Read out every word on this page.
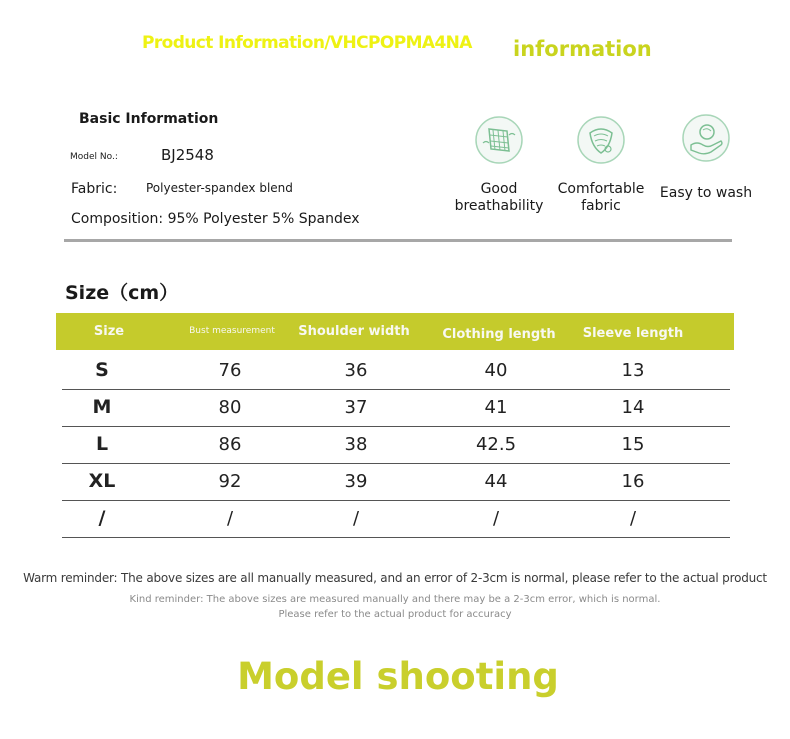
Product Information/VHCPOPMA4NA information
Basic Information
Model No.:	BJ2548
Fabric: Polyester-spandex blend
Composition: 95% Polyester 5% Spandex
Good
breathability
Comfortable
fabric
Easy to wash
Size（cm）
Size	Bust measurement	Shoulder width	Clothing length	Sleeve length
S	76	36	40	13
M	80	37	41	14
L	86	38	42.5	15
XL	92	39	44	16
/	/	/	/	/
Warm reminder: The above sizes are all manually measured, and an error of 2-3cm is normal, please refer to the actual product
Kind reminder: The above sizes are measured manually and there may be a 2-3cm error, which is normal.
Please refer to the actual product for accuracy
Model shooting
